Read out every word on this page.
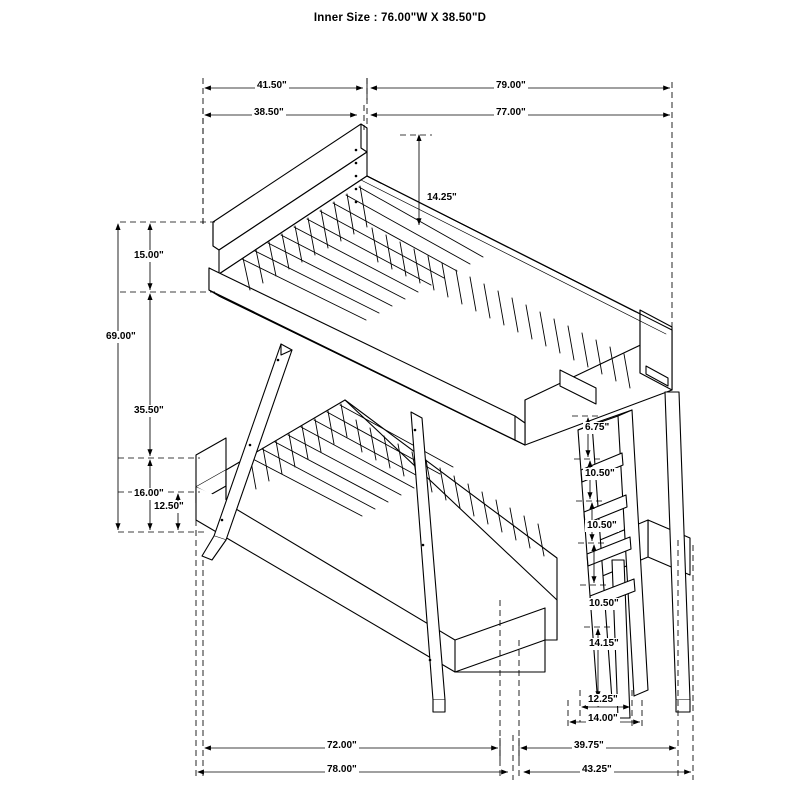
Inner Size : 76.00"W X 38.50"D
41.50"	79.00"
38.50"	77.00"
14.25"
15.00"
69.00"
35.50"
16.00"
12.50"
6.75"
10.50"
10.50"
10.50"
14.15"
12.25"
14.00"
72.00"	39.75"
78.00"	43.25"
